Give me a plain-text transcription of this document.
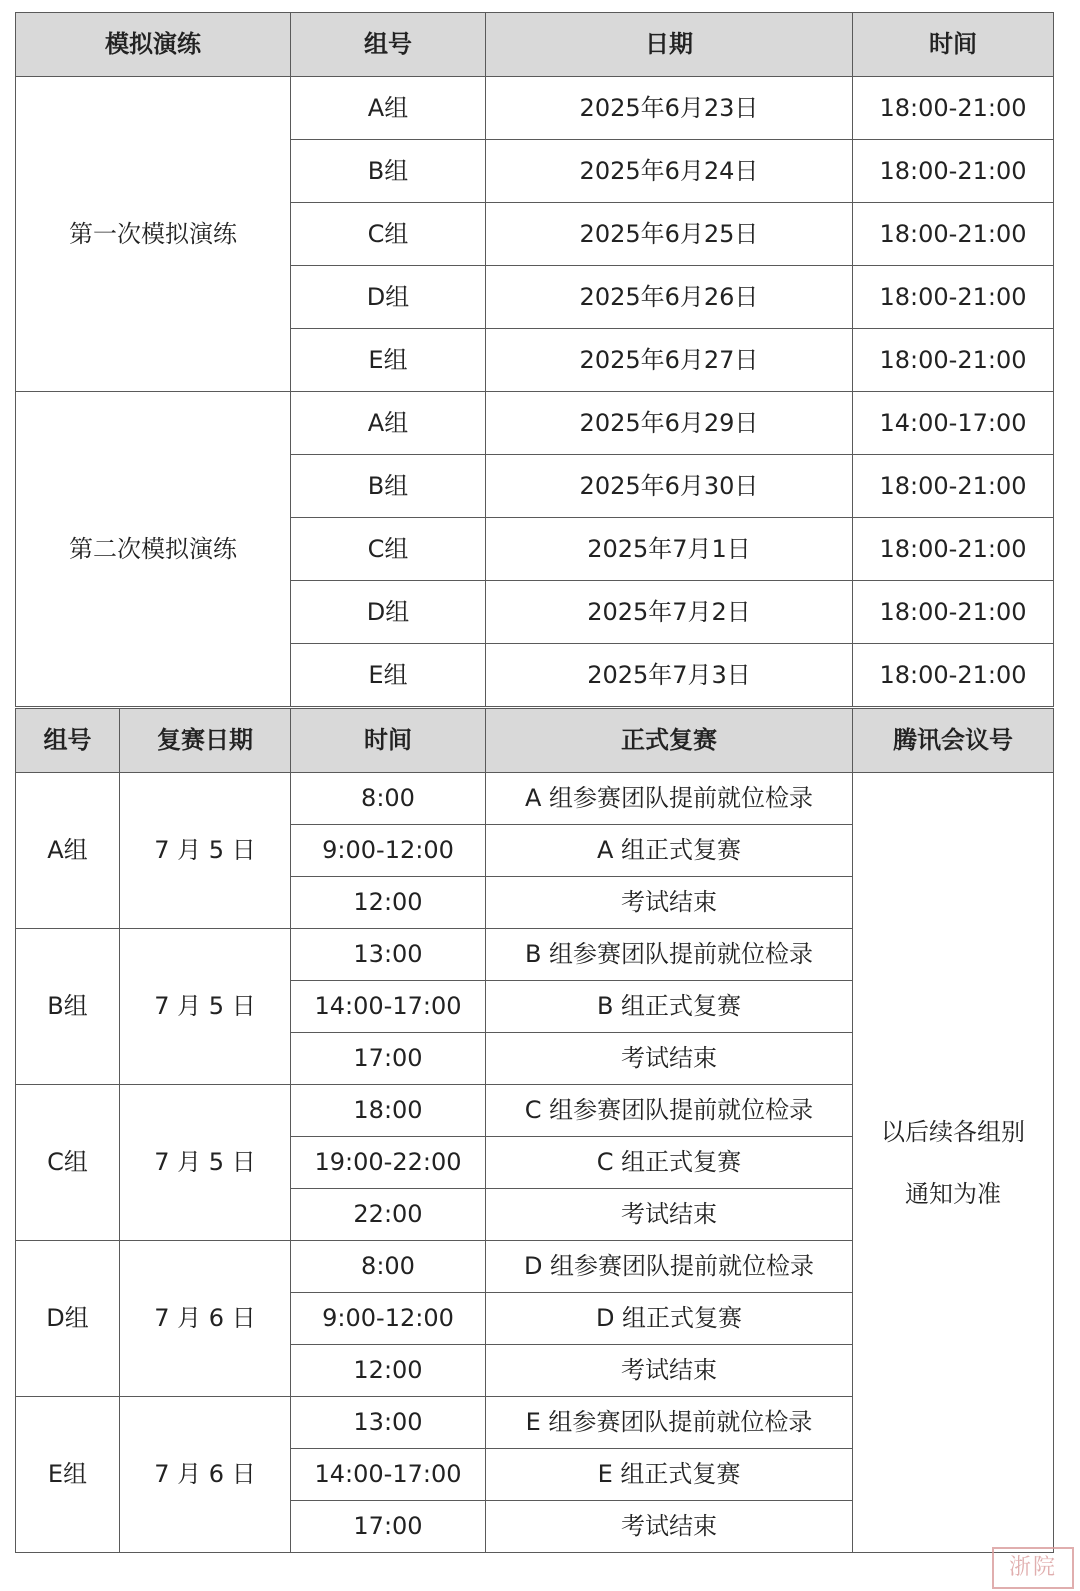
模拟演练	组号	日期	时间
第一次模拟演练	A组	2025年6月23日	18:00-21:00
	B组	2025年6月24日	18:00-21:00
	C组	2025年6月25日	18:00-21:00
	D组	2025年6月26日	18:00-21:00
	E组	2025年6月27日	18:00-21:00
第二次模拟演练	A组	2025年6月29日	14:00-17:00
	B组	2025年6月30日	18:00-21:00
	C组	2025年7月1日	18:00-21:00
	D组	2025年7月2日	18:00-21:00
	E组	2025年7月3日	18:00-21:00
组号	复赛日期	时间	正式复赛	腾讯会议号
A组	7 月 5 日	8:00	A 组参赛团队提前就位检录	以后续各组别通知为准
		9:00-12:00	A 组正式复赛	
		12:00	考试结束	
B组	7 月 5 日	13:00	B 组参赛团队提前就位检录	
		14:00-17:00	B 组正式复赛	
		17:00	考试结束	
C组	7 月 5 日	18:00	C 组参赛团队提前就位检录	
		19:00-22:00	C 组正式复赛	
		22:00	考试结束	
D组	7 月 6 日	8:00	D 组参赛团队提前就位检录	
		9:00-12:00	D 组正式复赛	
		12:00	考试结束	
E组	7 月 6 日	13:00	E 组参赛团队提前就位检录	
		14:00-17:00	E 组正式复赛	
		17:00	考试结束	
浙院
